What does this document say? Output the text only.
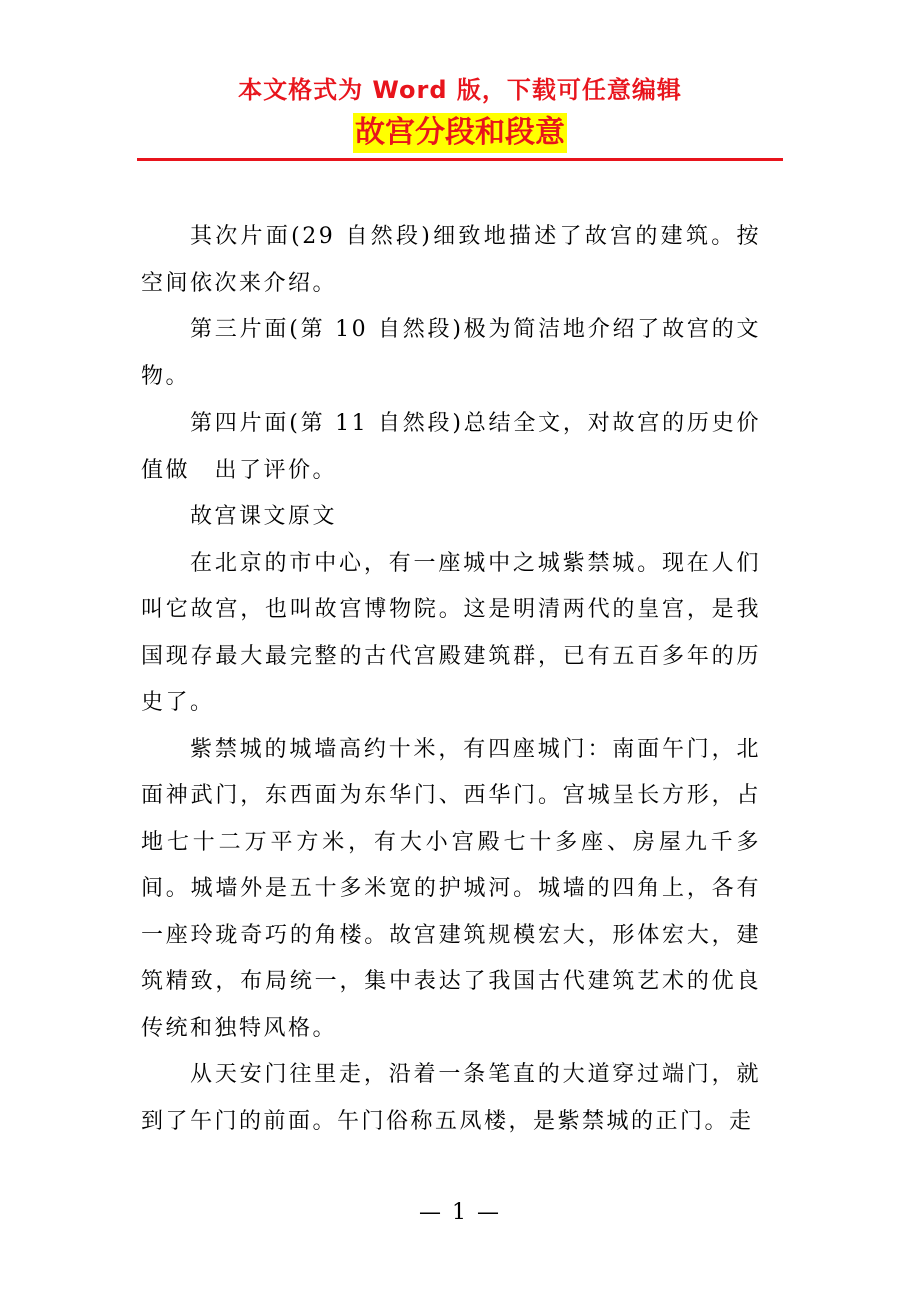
本文格式为 Word 版，下载可任意编辑
故宫分段和段意

其次片面(29 自然段)细致地描述了故宫的建筑。按　空间依次来介绍。

第三片面(第 10 自然段)极为简洁地介绍了故宫的文物。

第四片面(第 11 自然段)总结全文，对故宫的历史价值做　出了评价。

故宫课文原文

在北京的市中心，有一座城中之城紫禁城。现在人们叫它故宫，也叫故宫博物院。这是明清两代的皇宫，是我国现存最大最完整的古代宫殿建筑群，已有五百多年的历史了。

紫禁城的城墙高约十米，有四座城门：南面午门，北面神武门，东西面为东华门、西华门。宫城呈长方形，占地七十二万平方米，有大小宫殿七十多座、房屋九千多间。城墙外是五十多米宽的护城河。城墙的四角上，各有一座玲珑奇巧的角楼。故宫建筑规模宏大，形体宏大，建筑精致，布局统一，集中表达了我国古代建筑艺术的优良传统和独特风格。

从天安门往里走，沿着一条笔直的大道穿过端门，就到了午门的前面。午门俗称五凤楼，是紫禁城的正门。走

— 1 —
